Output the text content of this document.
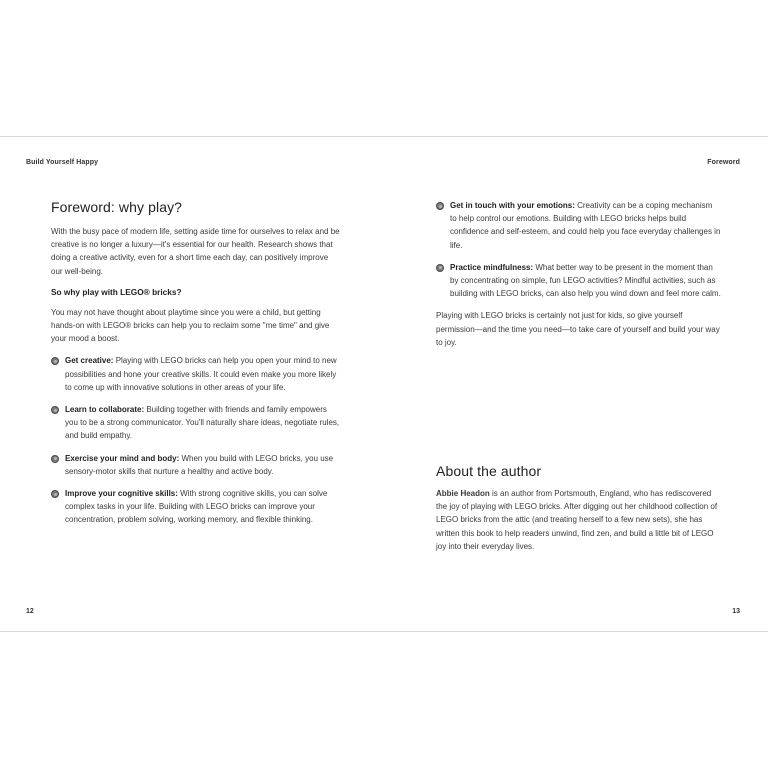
Build Yourself Happy
Foreword: why play?

With the busy pace of modern life, setting aside time for ourselves to relax and be creative is no longer a luxury—it's essential for our health. Research shows that doing a creative activity, even for a short time each day, can positively improve our well-being.

So why play with LEGO® bricks?

You may not have thought about playtime since you were a child, but getting hands-on with LEGO® bricks can help you to reclaim some "me time" and give your mood a boost.

Get creative: Playing with LEGO bricks can help you open your mind to new possibilities and hone your creative skills. It could even make you more likely to come up with innovative solutions in other areas of your life.
Learn to collaborate: Building together with friends and family empowers you to be a strong communicator. You'll naturally share ideas, negotiate rules, and build empathy.
Exercise your mind and body: When you build with LEGO bricks, you use sensory-motor skills that nurture a healthy and active body.
Improve your cognitive skills: With strong cognitive skills, you can solve complex tasks in your life. Building with LEGO bricks can improve your concentration, problem solving, working memory, and flexible thinking.
12
Foreword
Get in touch with your emotions: Creativity can be a coping mechanism to help control our emotions. Building with LEGO bricks helps build confidence and self-esteem, and could help you face everyday challenges in life.
Practice mindfulness: What better way to be present in the moment than by concentrating on simple, fun LEGO activities? Mindful activities, such as building with LEGO bricks, can also help you wind down and feel more calm.

Playing with LEGO bricks is certainly not just for kids, so give yourself permission—and the time you need—to take care of yourself and build your way to joy.

About the author

Abbie Headon is an author from Portsmouth, England, who has rediscovered the joy of playing with LEGO bricks. After digging out her childhood collection of LEGO bricks from the attic (and treating herself to a few new sets), she has written this book to help readers unwind, find zen, and build a little bit of LEGO joy into their everyday lives.

13
